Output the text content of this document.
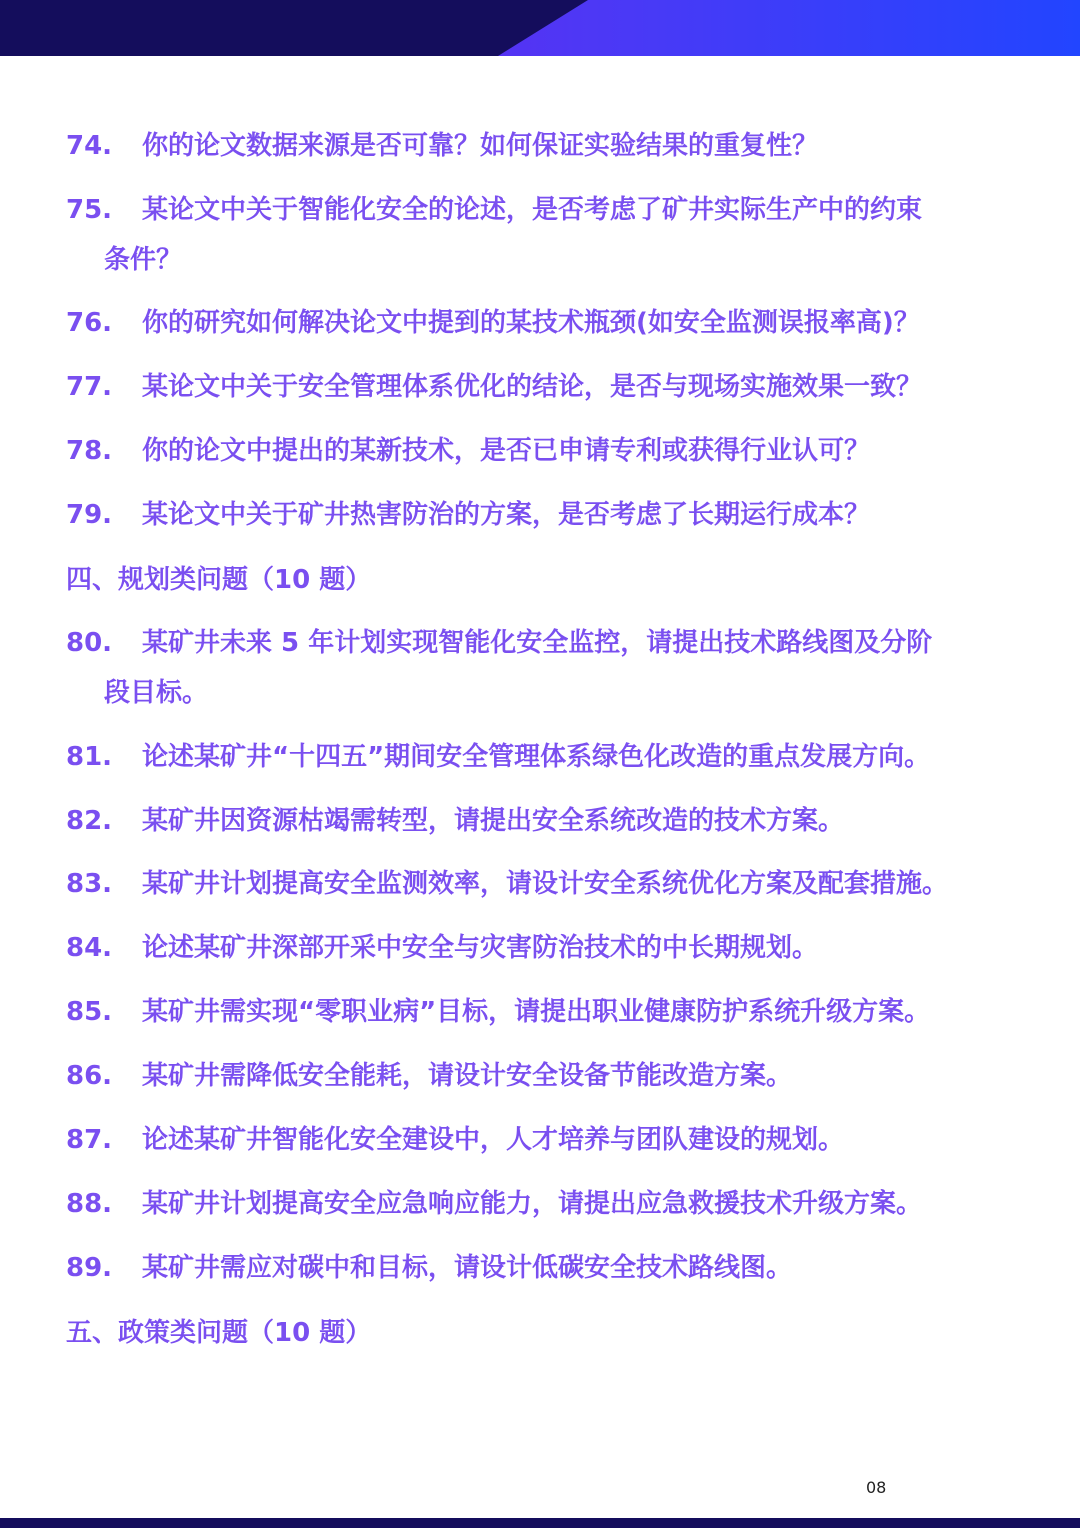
74. 你的论文数据来源是否可靠？如何保证实验结果的重复性？
75. 某论文中关于智能化安全的论述，是否考虑了矿井实际生产中的约束
条件？
76. 你的研究如何解决论文中提到的某技术瓶颈(如安全监测误报率高)？
77. 某论文中关于安全管理体系优化的结论，是否与现场实施效果一致？
78. 你的论文中提出的某新技术，是否已申请专利或获得行业认可？
79. 某论文中关于矿井热害防治的方案，是否考虑了长期运行成本？
四、规划类问题（10 题）
80. 某矿井未来 5 年计划实现智能化安全监控，请提出技术路线图及分阶
段目标。
81. 论述某矿井“十四五”期间安全管理体系绿色化改造的重点发展方向。
82. 某矿井因资源枯竭需转型，请提出安全系统改造的技术方案。
83. 某矿井计划提高安全监测效率，请设计安全系统优化方案及配套措施。
84. 论述某矿井深部开采中安全与灾害防治技术的中长期规划。
85. 某矿井需实现“零职业病”目标，请提出职业健康防护系统升级方案。
86. 某矿井需降低安全能耗，请设计安全设备节能改造方案。
87. 论述某矿井智能化安全建设中，人才培养与团队建设的规划。
88. 某矿井计划提高安全应急响应能力，请提出应急救援技术升级方案。
89. 某矿井需应对碳中和目标，请设计低碳安全技术路线图。
五、政策类问题（10 题）
08
